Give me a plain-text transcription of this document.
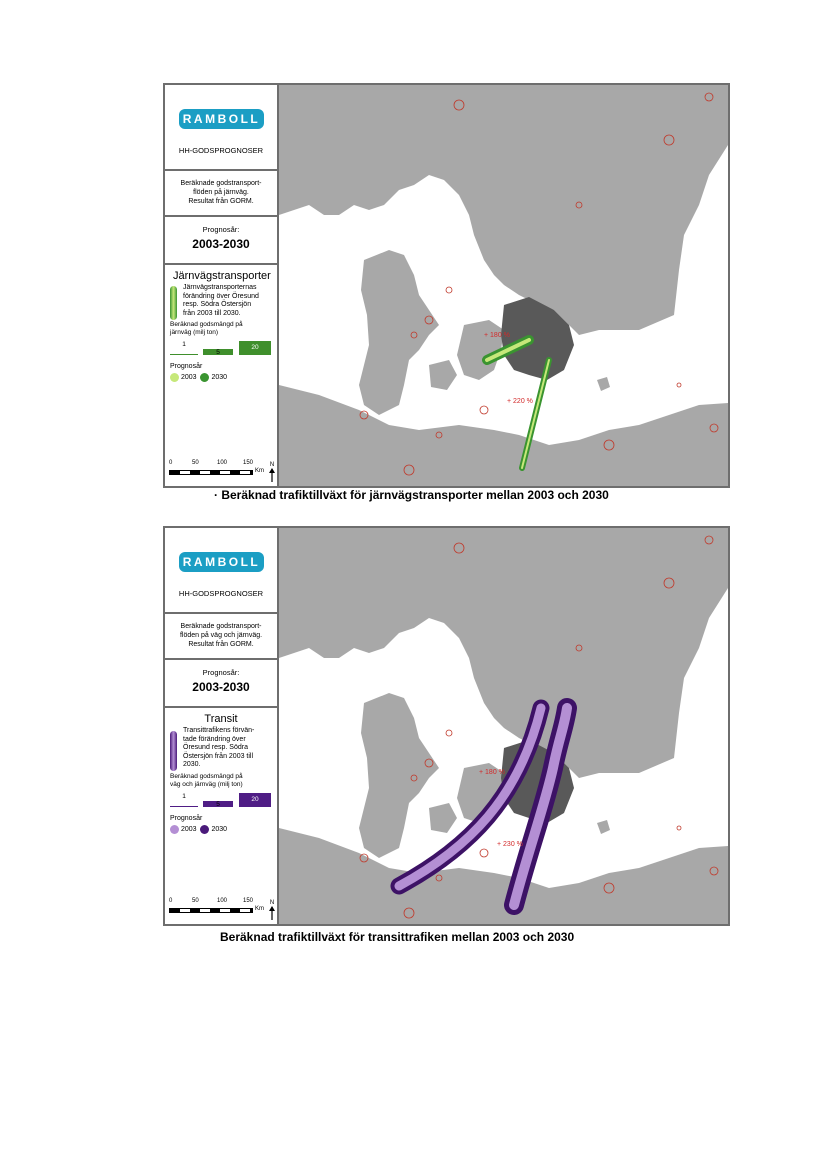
RAMBOLL
HH-GODSPROGNOSER
Beräknade godstransport-
flöden på järnväg.
Resultat från GORM.
Prognosår:
2003-2030
Järnvägstransporter
Järnvägstransporternas
förändring över Öresund
resp. Södra Östersjön
från 2003 till 2030.
Beräknad godsmängd på
järnväg (milj ton)
1
5
20
Prognosår
2003 2030
0	50	100	150
Km
N
+ 180 %
+ 220 %
· Beräknad trafiktillväxt för järnvägstransporter mellan 2003 och 2030
RAMBOLL
HH-GODSPROGNOSER
Beräknade godstransport-
flöden på väg och järnväg.
Resultat från GORM.
Prognosår:
2003-2030
Transit
Transittrafikens förvän-
tade förändring över
Öresund resp. Södra
Östersjön från 2003 till
2030.
Beräknad godsmängd på
väg och järnväg (milj ton)
1
5
20
Prognosår
2003 2030
0	50	100	150
Km
N
+ 180 %
+ 230 %
Beräknad trafiktillväxt för transittrafiken mellan 2003 och 2030
